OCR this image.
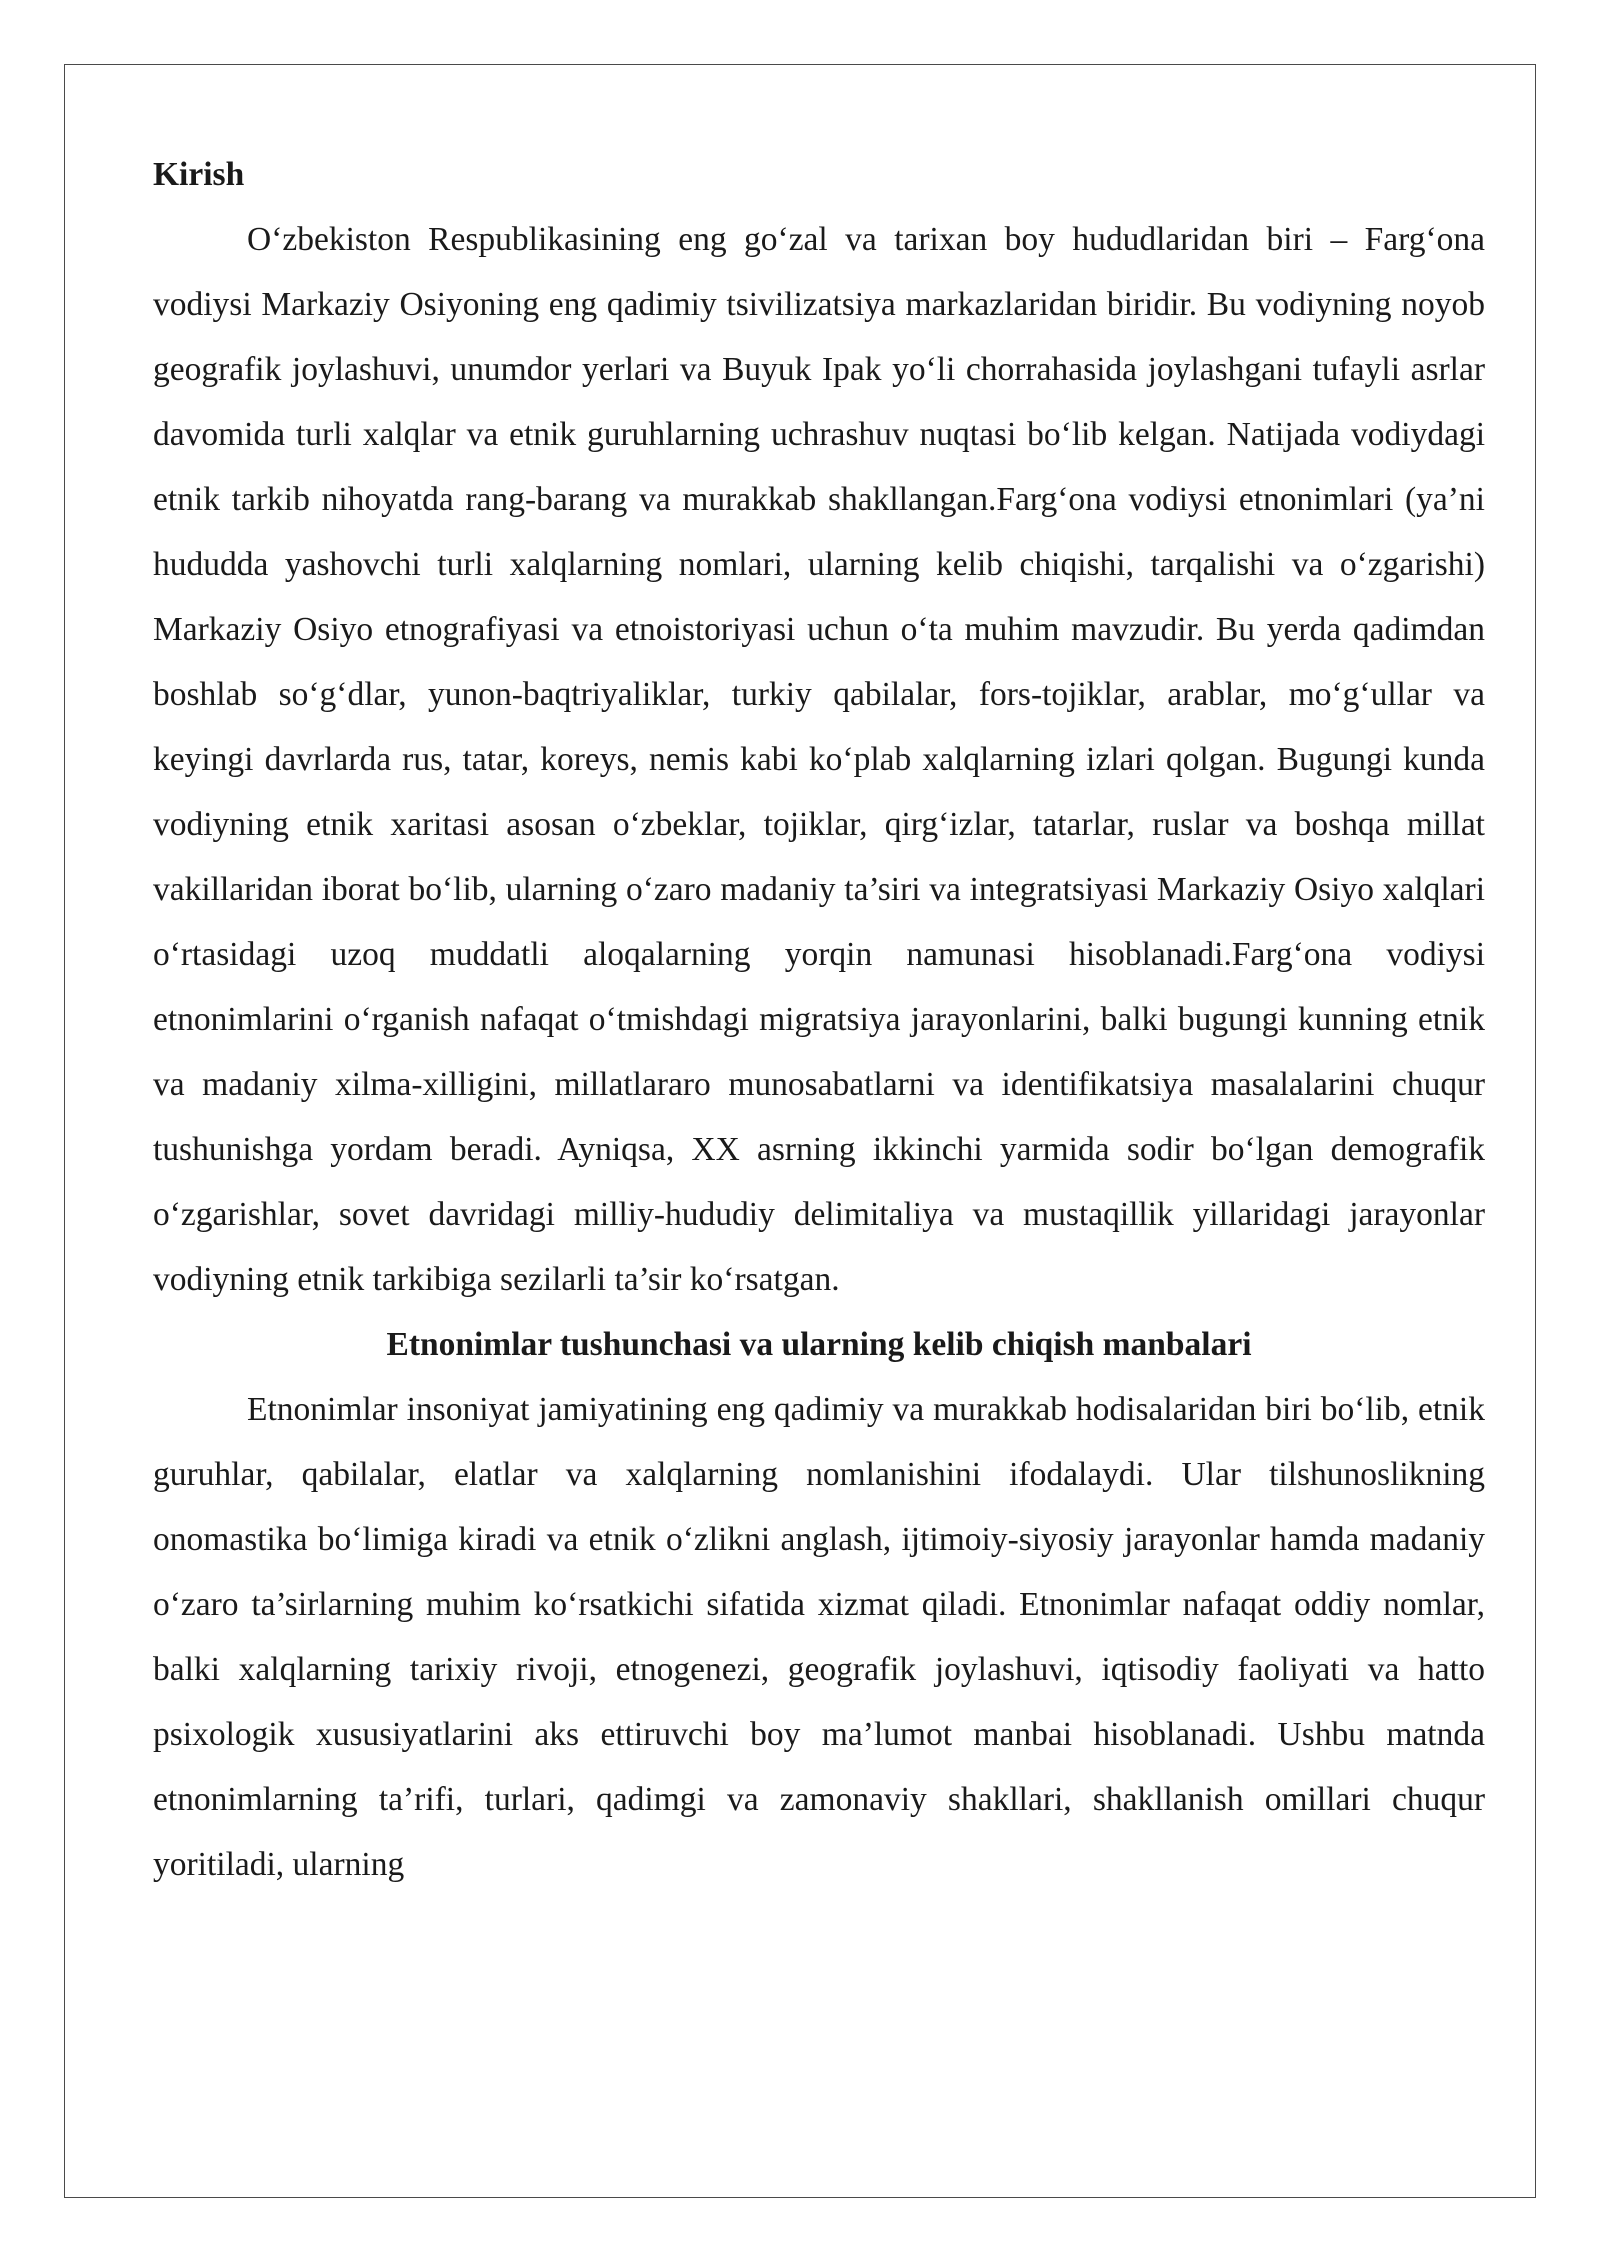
Kirish

O‘zbekiston Respublikasining eng go‘zal va tarixan boy hududlaridan biri – Farg‘ona vodiysi Markaziy Osiyoning eng qadimiy tsivilizatsiya markazlaridan biridir. Bu vodiyning noyob geografik joylashuvi, unumdor yerlari va Buyuk Ipak yo‘li chorrahasida joylashgani tufayli asrlar davomida turli xalqlar va etnik guruhlarning uchrashuv nuqtasi bo‘lib kelgan. Natijada vodiydagi etnik tarkib nihoyatda rang-barang va murakkab shakllangan.Farg‘ona vodiysi etnonimlari (ya’ni hududda yashovchi turli xalqlarning nomlari, ularning kelib chiqishi, tarqalishi va o‘zgarishi) Markaziy Osiyo etnografiyasi va etnoistoriyasi uchun o‘ta muhim mavzudir. Bu yerda qadimdan boshlab so‘g‘dlar, yunon-baqtriyaliklar, turkiy qabilalar, fors-tojiklar, arablar, mo‘g‘ullar va keyingi davrlarda rus, tatar, koreys, nemis kabi ko‘plab xalqlarning izlari qolgan. Bugungi kunda vodiyning etnik xaritasi asosan o‘zbeklar, tojiklar, qirg‘izlar, tatarlar, ruslar va boshqa millat vakillaridan iborat bo‘lib, ularning o‘zaro madaniy ta’siri va integratsiyasi Markaziy Osiyo xalqlari o‘rtasidagi uzoq muddatli aloqalarning yorqin namunasi hisoblanadi.Farg‘ona vodiysi etnonimlarini o‘rganish nafaqat o‘tmishdagi migratsiya jarayonlarini, balki bugungi kunning etnik va madaniy xilma-xilligini, millatlararo munosabatlarni va identifikatsiya masalalarini chuqur tushunishga yordam beradi. Ayniqsa, XX asrning ikkinchi yarmida sodir bo‘lgan demografik o‘zgarishlar, sovet davridagi milliy-hududiy delimitaliya va mustaqillik yillaridagi jarayonlar vodiyning etnik tarkibiga sezilarli ta’sir ko‘rsatgan.

Etnonimlar tushunchasi va ularning kelib chiqish manbalari

Etnonimlar insoniyat jamiyatining eng qadimiy va murakkab hodisalaridan biri bo‘lib, etnik guruhlar, qabilalar, elatlar va xalqlarning nomlanishini ifodalaydi. Ular tilshunoslikning onomastika bo‘limiga kiradi va etnik o‘zlikni anglash, ijtimoiy-siyosiy jarayonlar hamda madaniy o‘zaro ta’sirlarning muhim ko‘rsatkichi sifatida xizmat qiladi. Etnonimlar nafaqat oddiy nomlar, balki xalqlarning tarixiy rivoji, etnogenezi, geografik joylashuvi, iqtisodiy faoliyati va hatto psixologik xususiyatlarini aks ettiruvchi boy ma’lumot manbai hisoblanadi. Ushbu matnda etnonimlarning ta’rifi, turlari, qadimgi va zamonaviy shakllari, shakllanish omillari chuqur yoritiladi, ularning
